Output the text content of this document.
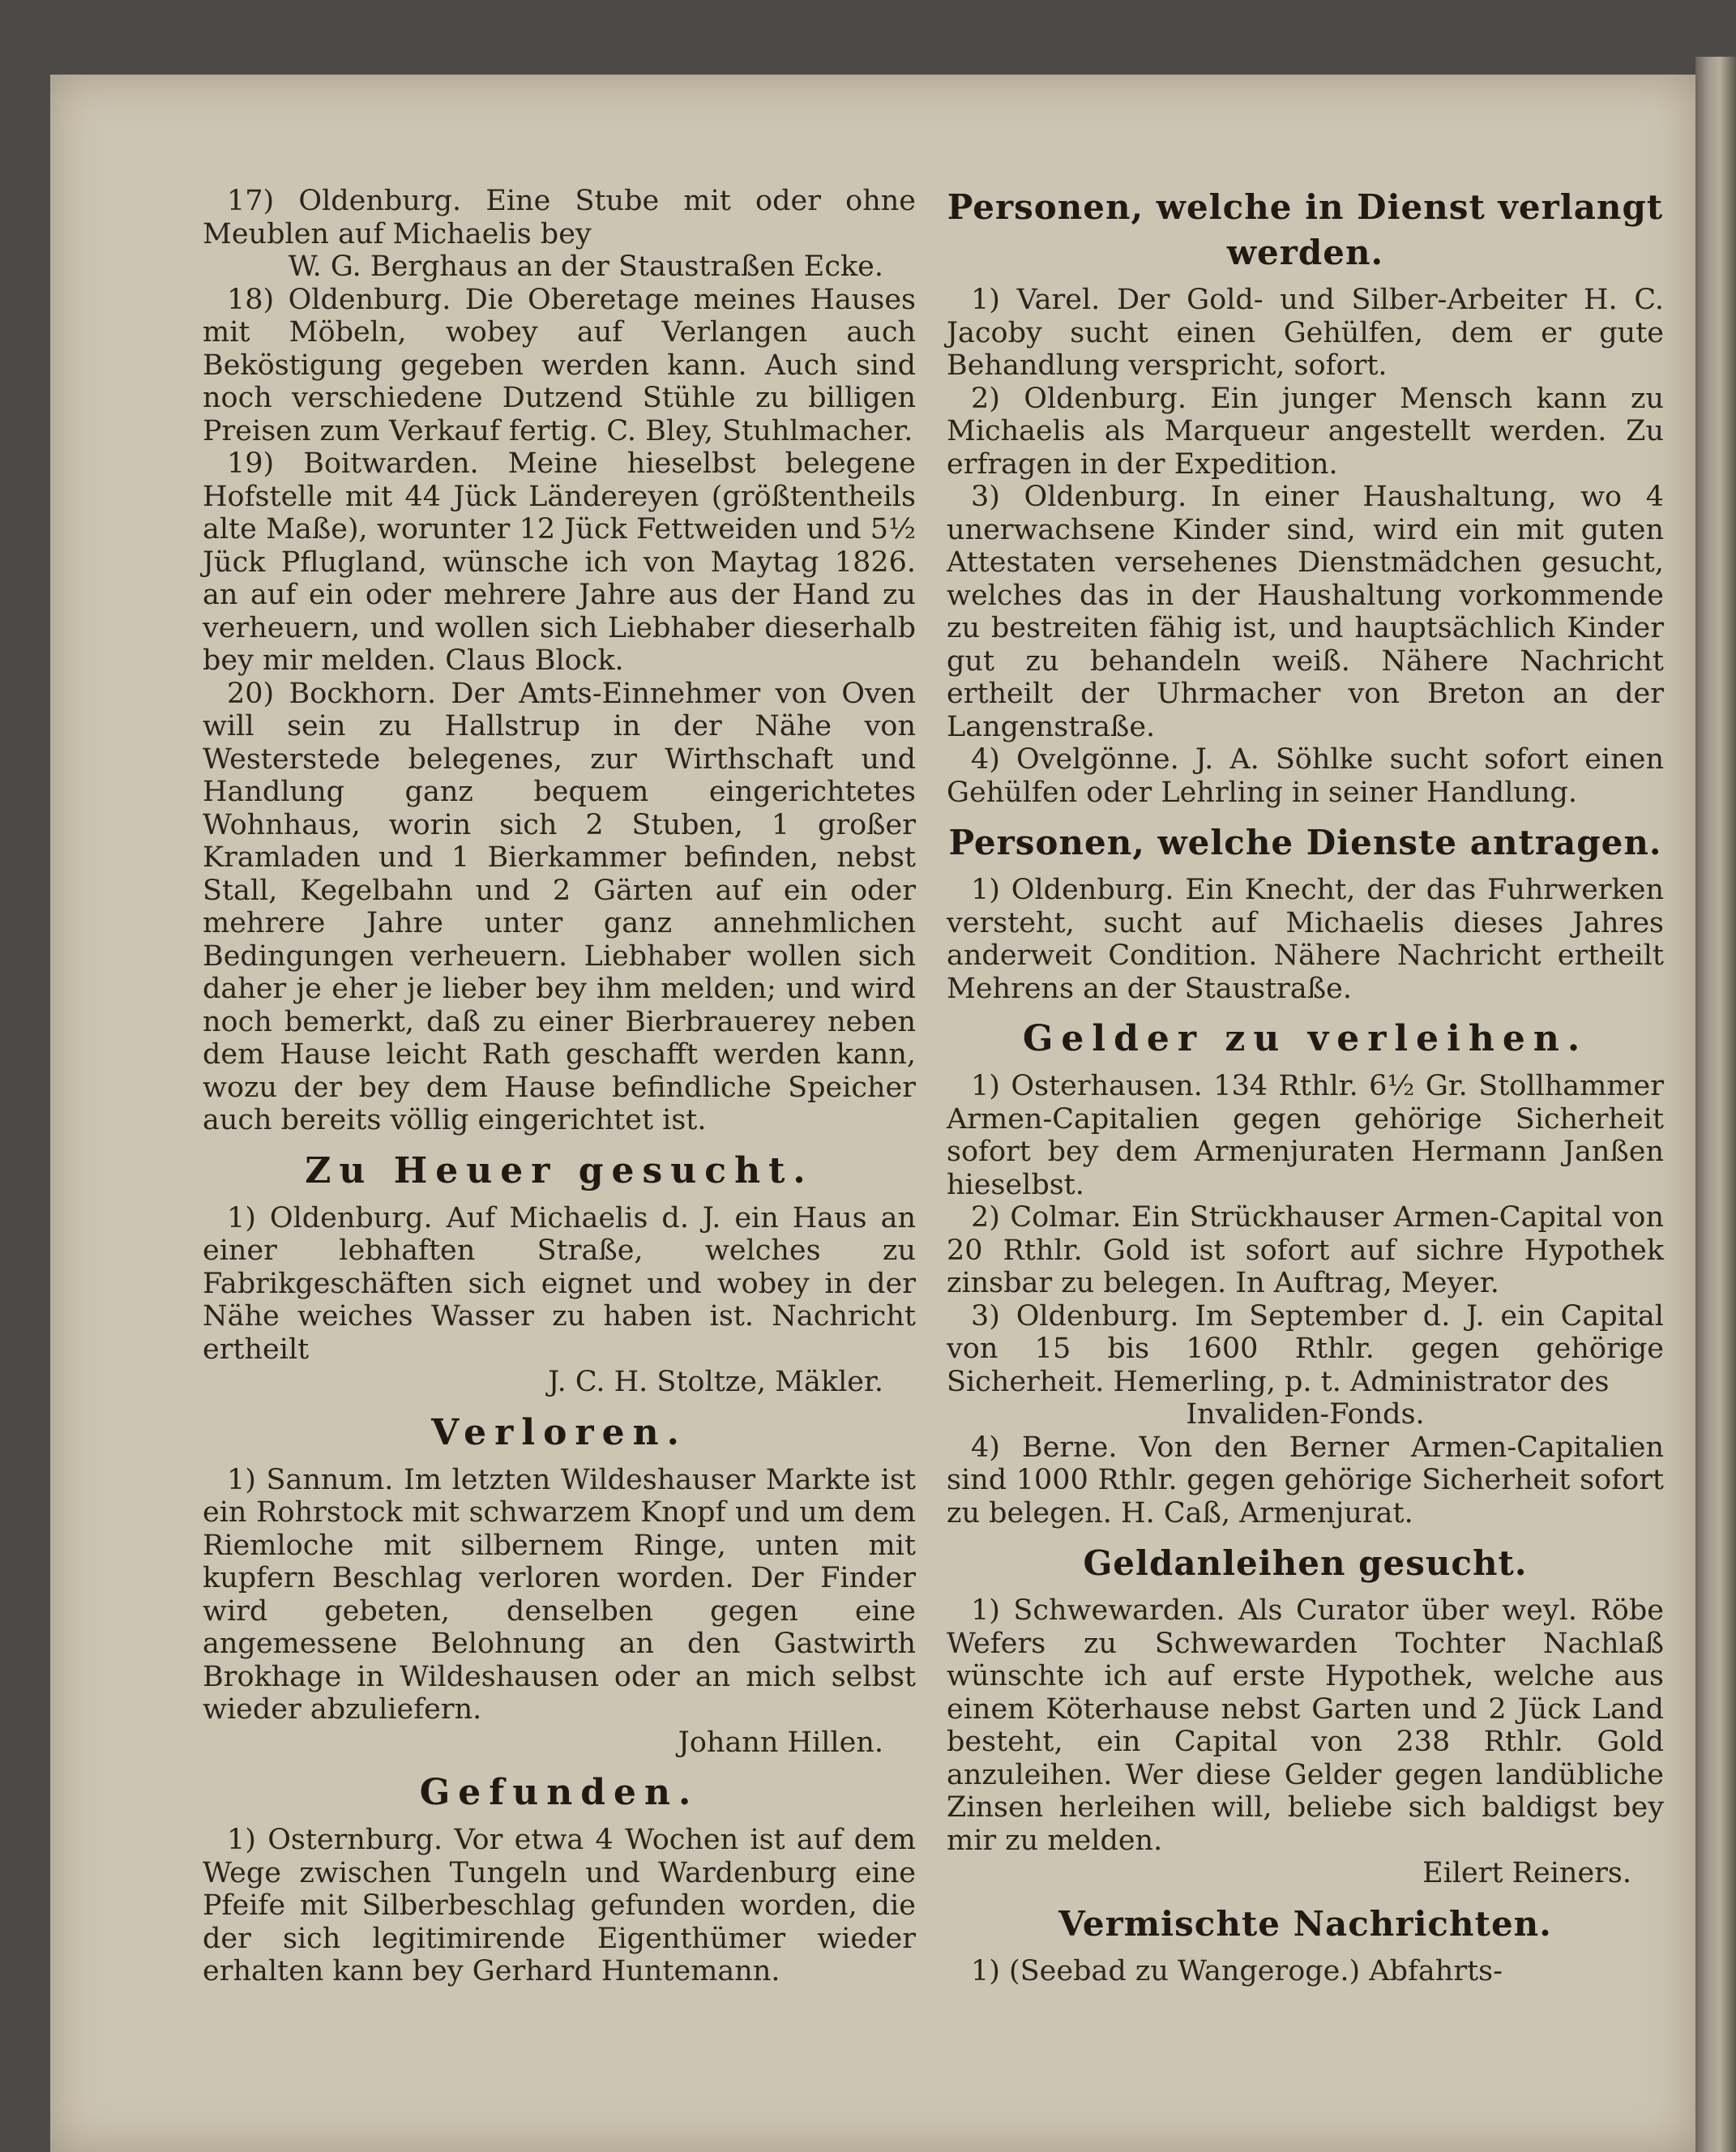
17) Oldenburg. Eine Stube mit oder ohne Meublen auf Michaelis bey

W. G. Berghaus an der Staustraßen Ecke.

18) Oldenburg. Die Oberetage meines Hauses mit Möbeln, wobey auf Verlangen auch Beköstigung gegeben werden kann. Auch sind noch verschiedene Dutzend Stühle zu billigen Preisen zum Verkauf fertig. C. Bley, Stuhlmacher.

19) Boitwarden. Meine hieselbst belegene Hofstelle mit 44 Jück Ländereyen (größtentheils alte Maße), worunter 12 Jück Fettweiden und 5½ Jück Pflugland, wünsche ich von Maytag 1826. an auf ein oder mehrere Jahre aus der Hand zu verheuern, und wollen sich Liebhaber dieserhalb bey mir melden. Claus Block.

20) Bockhorn. Der Amts-Einnehmer von Oven will sein zu Hallstrup in der Nähe von Westerstede belegenes, zur Wirthschaft und Handlung ganz bequem eingerichtetes Wohnhaus, worin sich 2 Stuben, 1 großer Kramladen und 1 Bierkammer befinden, nebst Stall, Kegelbahn und 2 Gärten auf ein oder mehrere Jahre unter ganz annehmlichen Bedingungen verheuern. Liebhaber wollen sich daher je eher je lieber bey ihm melden; und wird noch bemerkt, daß zu einer Bierbrauerey neben dem Hause leicht Rath geschafft werden kann, wozu der bey dem Hause befindliche Speicher auch bereits völlig eingerichtet ist.

Zu Heuer gesucht.

1) Oldenburg. Auf Michaelis d. J. ein Haus an einer lebhaften Straße, welches zu Fabrikgeschäften sich eignet und wobey in der Nähe weiches Wasser zu haben ist. Nachricht ertheilt

J. C. H. Stoltze, Mäkler.

Verloren.

1) Sannum. Im letzten Wildeshauser Markte ist ein Rohrstock mit schwarzem Knopf und um dem Riemloche mit silbernem Ringe, unten mit kupfern Beschlag verloren worden. Der Finder wird gebeten, denselben gegen eine angemessene Belohnung an den Gastwirth Brokhage in Wildeshausen oder an mich selbst wieder abzuliefern.

Johann Hillen.

Gefunden.

1) Osternburg. Vor etwa 4 Wochen ist auf dem Wege zwischen Tungeln und Wardenburg eine Pfeife mit Silberbeschlag gefunden worden, die der sich legitimirende Eigenthümer wieder erhalten kann bey Gerhard Huntemann.

Personen, welche in Dienst verlangt werden.

1) Varel. Der Gold- und Silber-Arbeiter H. C. Jacoby sucht einen Gehülfen, dem er gute Behandlung verspricht, sofort.

2) Oldenburg. Ein junger Mensch kann zu Michaelis als Marqueur angestellt werden. Zu erfragen in der Expedition.

3) Oldenburg. In einer Haushaltung, wo 4 unerwachsene Kinder sind, wird ein mit guten Attestaten versehenes Dienstmädchen gesucht, welches das in der Haushaltung vorkommende zu bestreiten fähig ist, und hauptsächlich Kinder gut zu behandeln weiß. Nähere Nachricht ertheilt der Uhrmacher von Breton an der Langenstraße.

4) Ovelgönne. J. A. Söhlke sucht sofort einen Gehülfen oder Lehrling in seiner Handlung.

Personen, welche Dienste antragen.

1) Oldenburg. Ein Knecht, der das Fuhrwerken versteht, sucht auf Michaelis dieses Jahres anderweit Condition. Nähere Nachricht ertheilt Mehrens an der Staustraße.

Gelder zu verleihen.

1) Osterhausen. 134 Rthlr. 6½ Gr. Stollhammer Armen-Capitalien gegen gehörige Sicherheit sofort bey dem Armenjuraten Hermann Janßen hieselbst.

2) Colmar. Ein Strückhauser Armen-Capital von 20 Rthlr. Gold ist sofort auf sichre Hypothek zinsbar zu belegen. In Auftrag, Meyer.

3) Oldenburg. Im September d. J. ein Capital von 15 bis 1600 Rthlr. gegen gehörige Sicherheit. Hemerling, p. t. Administrator des

Invaliden-Fonds.

4) Berne. Von den Berner Armen-Capitalien sind 1000 Rthlr. gegen gehörige Sicherheit sofort zu belegen. H. Caß, Armenjurat.

Geldanleihen gesucht.

1) Schwewarden. Als Curator über weyl. Röbe Wefers zu Schwewarden Tochter Nachlaß wünschte ich auf erste Hypothek, welche aus einem Köterhause nebst Garten und 2 Jück Land besteht, ein Capital von 238 Rthlr. Gold anzuleihen. Wer diese Gelder gegen landübliche Zinsen herleihen will, beliebe sich baldigst bey mir zu melden.

Eilert Reiners.

Vermischte Nachrichten.

1) (Seebad zu Wangeroge.) Abfahrts-
